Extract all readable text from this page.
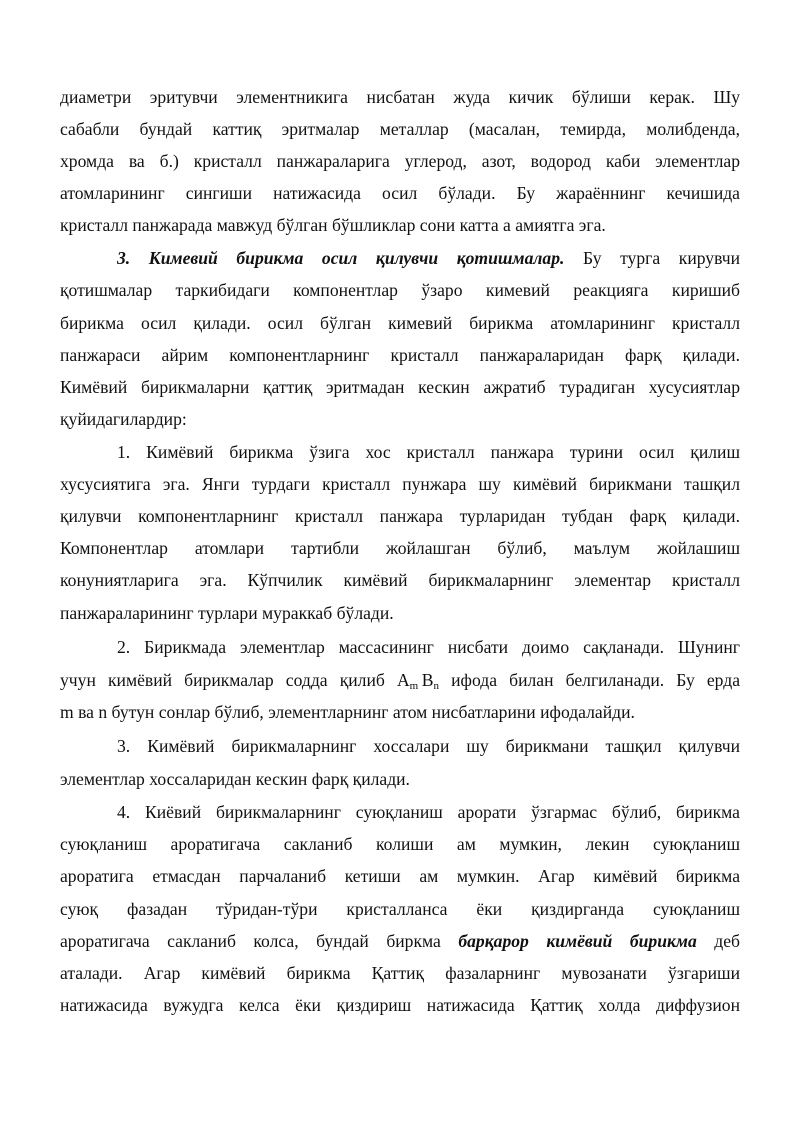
диаметри эритувчи элементникига нисбатан жуда кичик бўлиши керак. Шу
сабабли бундай каттиқ эритмалар металлар (масалан, темирда, молибденда,
хромда ва б.) кристалл панжараларига углерод, азот, водород каби элементлар
атомларининг сингиши натижасида осил бўлади. Бу жараённинг кечишида
кристалл панжарада мавжуд бўлган бўшликлар сони катта а амиятга эга.
3. Кимевий бирикма осил қилувчи қотишмалар. Бу турга кирувчи
қотишмалар таркибидаги компонентлар ўзаро кимевий реакцияга киришиб
бирикма осил қилади. осил бўлган кимевий бирикма атомларининг кристалл
панжараси айрим компонентларнинг кристалл панжараларидан фарқ қилади.
Кимёвий бирикмаларни қаттиқ эритмадан кескин ажратиб турадиган хусусиятлар
қуйидагилардир:
1. Кимёвий бирикма ўзига хос кристалл панжара турини осил қилиш
хусусиятига эга. Янги турдаги кристалл пунжара шу кимёвий бирикмани ташқил
қилувчи компонентларнинг кристалл панжара турларидан тубдан фарқ қилади.
Компонентлар атомлари тартибли жойлашган бўлиб, маълум жойлашиш
конуниятларига эга. Кўпчилик кимёвий бирикмаларнинг элементар кристалл
панжараларининг турлари мураккаб бўлади.
2. Бирикмада элементлар массасининг нисбати доимо сақланади. Шунинг
учун кимёвий бирикмалар содда қилиб $A_m$  $B_n$ ифода билан белгиланади. Бу ерда
m ва n бутун сонлар бўлиб, элементларнинг атом нисбатларини ифодалайди.
3. Кимёвий бирикмаларнинг хоссалари шу бирикмани ташқил қилувчи
элементлар хоссаларидан кескин фарқ қилади.
4. Киёвий бирикмаларнинг суюқланиш арорати ўзгармас бўлиб, бирикма
суюқланиш ароратигача сакланиб колиши ам мумкин, лекин суюқланиш
ароратига етмасдан парчаланиб кетиши ам мумкин. Агар кимёвий бирикма
суюқ фазадан тўридан-тўри кристалланса ёки қиздирганда суюқланиш
ароратигача сакланиб колса, бундай биркма барқарор кимёвий бирикма деб
аталади. Агар кимёвий бирикма Қаттиқ фазаларнинг мувозанати ўзгариши
натижасида вужудга келса ёки қиздириш натижасида Қаттиқ холда диффузион
